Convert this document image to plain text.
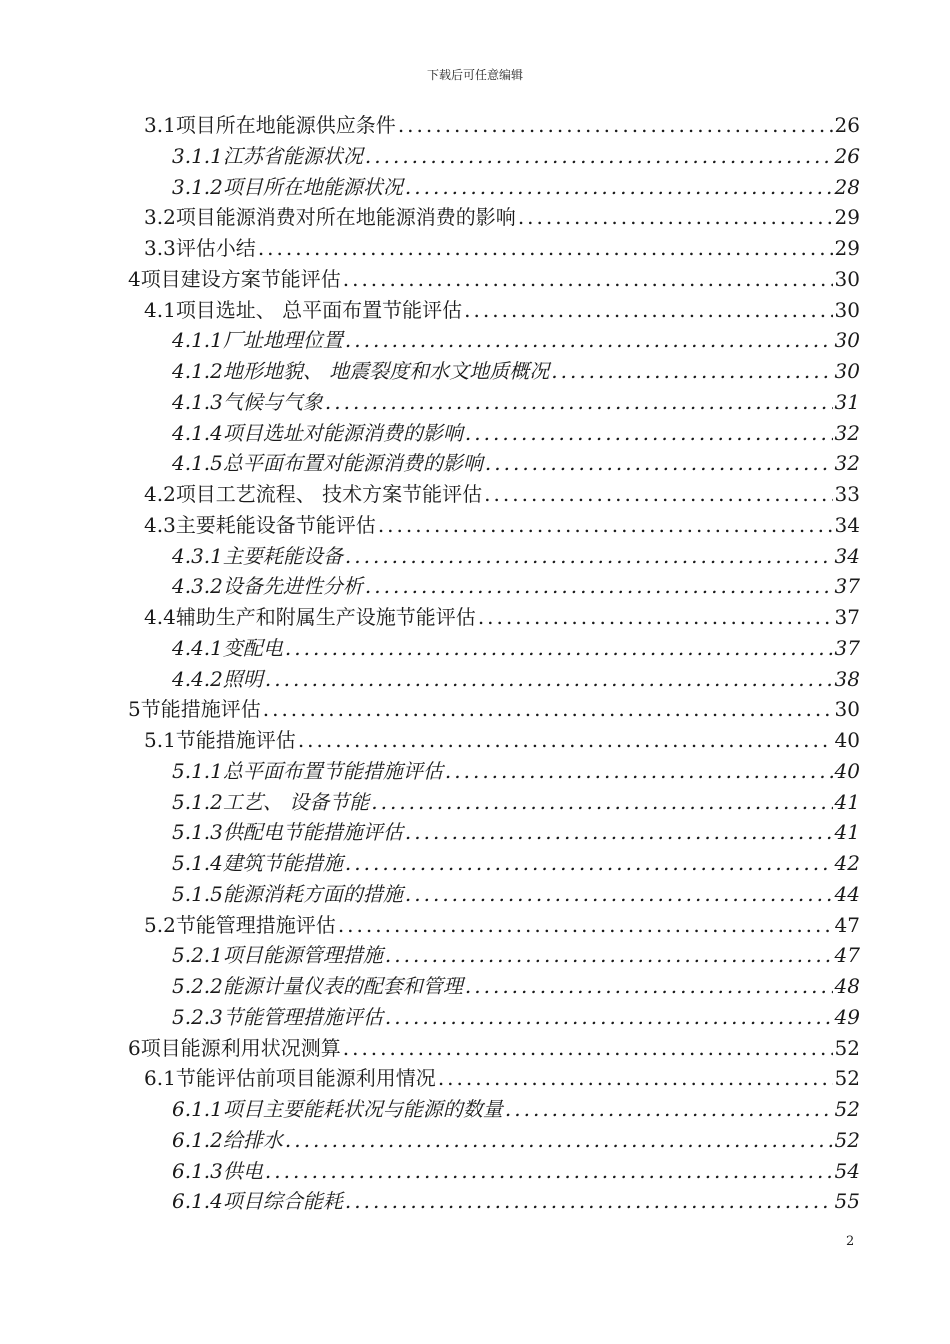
下载后可任意编辑
3.1 项目所在地能源供应条件 .....	26
3.1.1 江苏省能源状况 .....	26
3.1.2 项目所在地能源状况 .....	28
3.2 项目能源消费对所在地能源消费的影响 .....	29
3.3 评估小结 .....	29
4 项目建设方案节能评估 .....	30
4.1 项目选址、 总平面布置节能评估 .....	30
4.1.1 厂址地理位置 .....	30
4.1.2 地形地貌、 地震裂度和水文地质概况 .....	30
4.1.3 气候与气象 .....	31
4.1.4 项目选址对能源消费的影响 .....	32
4.1.5 总平面布置对能源消费的影响 .....	32
4.2 项目工艺流程、 技术方案节能评估 .....	33
4.3 主要耗能设备节能评估 .....	34
4.3.1 主要耗能设备 .....	34
4.3.2 设备先进性分析 .....	37
4.4 辅助生产和附属生产设施节能评估 .....	37
4.4.1 变配电 .....	37
4.4.2 照明 .....	38
5 节能措施评估 .....	30
5.1 节能措施评估 .....	40
5.1.1 总平面布置节能措施评估 .....	40
5.1.2 工艺、 设备节能 .....	41
5.1.3 供配电节能措施评估 .....	41
5.1.4 建筑节能措施 .....	42
5.1.5 能源消耗方面的措施 .....	44
5.2 节能管理措施评估 .....	47
5.2.1 项目能源管理措施 .....	47
5.2.2 能源计量仪表的配套和管理 .....	48
5.2.3 节能管理措施评估 .....	49
6 项目能源利用状况测算 .....	52
6.1 节能评估前项目能源利用情况 .....	52
6.1.1 项目主要能耗状况与能源的数量 .....	52
6.1.2 给排水 .....	52
6.1.3 供电 .....	54
6.1.4 项目综合能耗 .....	55
2
